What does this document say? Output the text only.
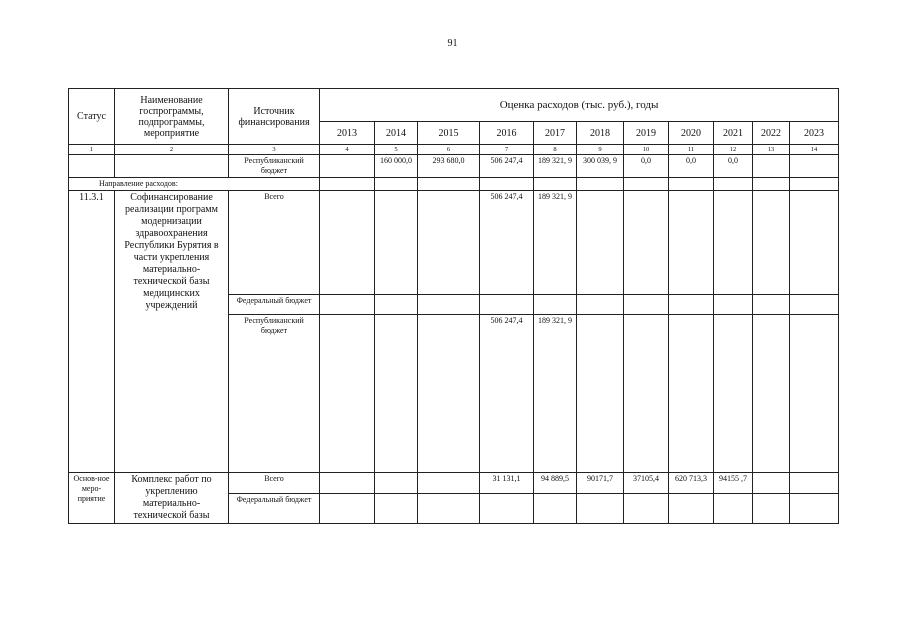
91
Статус	Наименование госпрограммы, подпрограммы, мероприятие	Источник финансирования	Оценка расходов (тыс. руб.), годы										
			2013	2014	2015	2016	2017	2018	2019	2020	2021	2022	2023
1	2	3	4	5	6	7	8	9	10	11	12	13	14
		Республиканский бюджет		160 000,0	293 680,0	506 247,4	189 321, 9	300 039, 9	0,0	0,0	0,0		
Направление расходов:													
11.3.1	Софинансирование реализации программ модернизации здравоохранения Республики Бурятия в части укрепления материально-технической базы медицинских учреждений	Всего				506 247,4	189 321, 9						
		Федеральный бюджет											
		Республиканский бюджет				506 247,4	189 321, 9						
Основ-ное меро-приятие	Комплекс работ по укреплению материально-технической базы	Всего				31 131,1	94 889,5	90171,7	37105,4	620 713,3	94155 ,7		
		Федеральный бюджет											
